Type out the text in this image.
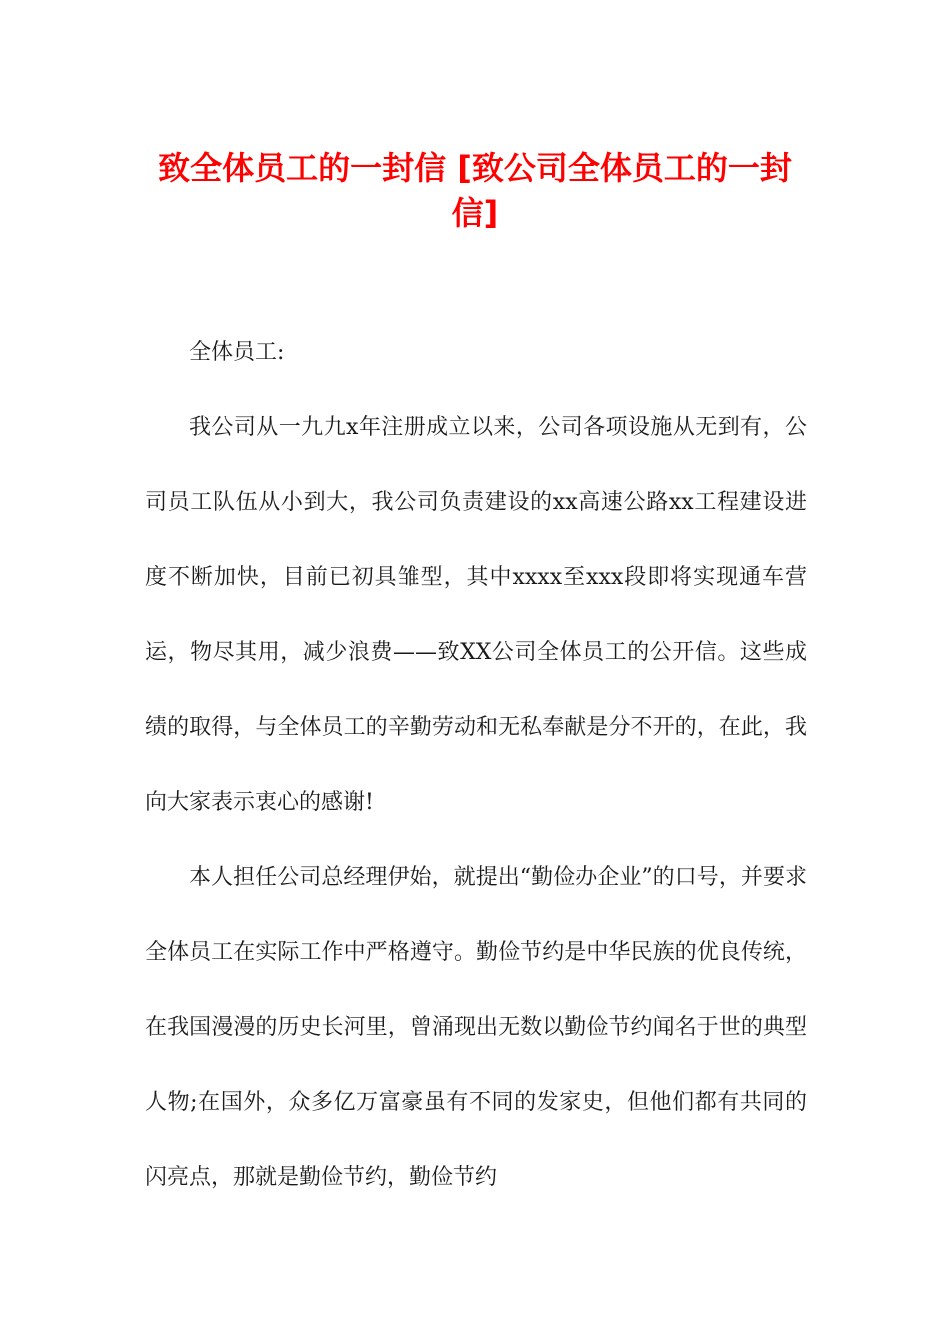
致全体员工的一封信 [致公司全体员工的一封信]

全体员工:

我公司从一九九x年注册成立以来，公司各项设施从无到有，公司员工队伍从小到大，我公司负责建设的xx高速公路xx工程建设进度不断加快，目前已初具雏型，其中xxxx至xxx段即将实现通车营运，物尽其用，减少浪费——致XX公司全体员工的公开信。这些成绩的取得，与全体员工的辛勤劳动和无私奉献是分不开的，在此，我向大家表示衷心的感谢!

本人担任公司总经理伊始，就提出“勤俭办企业”的口号，并要求全体员工在实际工作中严格遵守。勤俭节约是中华民族的优良传统，在我国漫漫的历史长河里，曾涌现出无数以勤俭节约闻名于世的典型人物;在国外，众多亿万富豪虽有不同的发家史，但他们都有共同的闪亮点，那就是勤俭节约，勤俭节约
